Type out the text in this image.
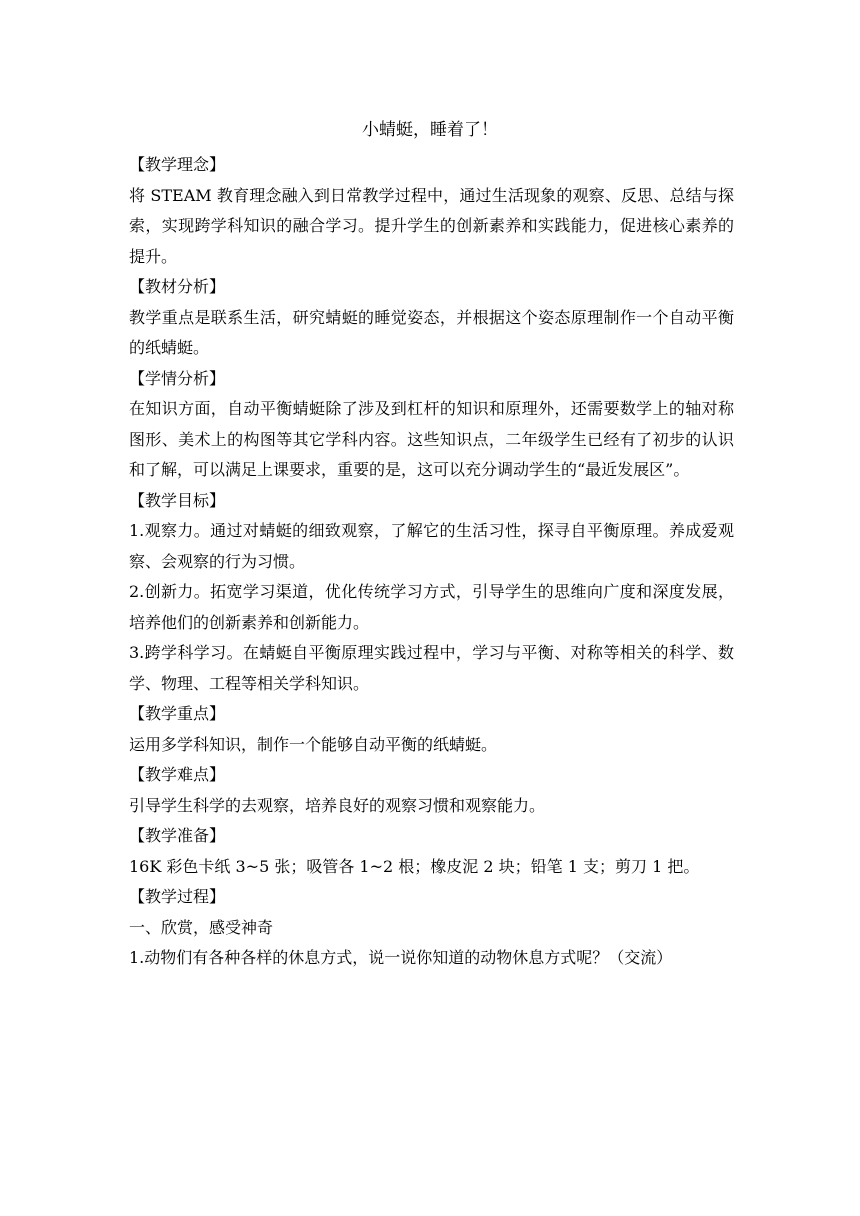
小蜻蜓，睡着了！

【教学理念】

将 STEAM 教育理念融入到日常教学过程中，通过生活现象的观察、反思、总结与探索，实现跨学科知识的融合学习。提升学生的创新素养和实践能力，促进核心素养的提升。

【教材分析】

教学重点是联系生活，研究蜻蜓的睡觉姿态，并根据这个姿态原理制作一个自动平衡的纸蜻蜓。

【学情分析】

在知识方面，自动平衡蜻蜓除了涉及到杠杆的知识和原理外，还需要数学上的轴对称图形、美术上的构图等其它学科内容。这些知识点，二年级学生已经有了初步的认识和了解，可以满足上课要求，重要的是，这可以充分调动学生的“最近发展区”。

【教学目标】

1.观察力。通过对蜻蜓的细致观察，了解它的生活习性，探寻自平衡原理。养成爱观察、会观察的行为习惯。

2.创新力。拓宽学习渠道，优化传统学习方式，引导学生的思维向广度和深度发展，培养他们的创新素养和创新能力。

3.跨学科学习。在蜻蜓自平衡原理实践过程中，学习与平衡、对称等相关的科学、数学、物理、工程等相关学科知识。

【教学重点】

运用多学科知识，制作一个能够自动平衡的纸蜻蜓。

【教学难点】

引导学生科学的去观察，培养良好的观察习惯和观察能力。

【教学准备】

16K 彩色卡纸 3~5 张；吸管各 1~2 根；橡皮泥 2 块；铅笔 1 支；剪刀 1 把。

【教学过程】

一、欣赏，感受神奇

1.动物们有各种各样的休息方式，说一说你知道的动物休息方式呢？（交流）
